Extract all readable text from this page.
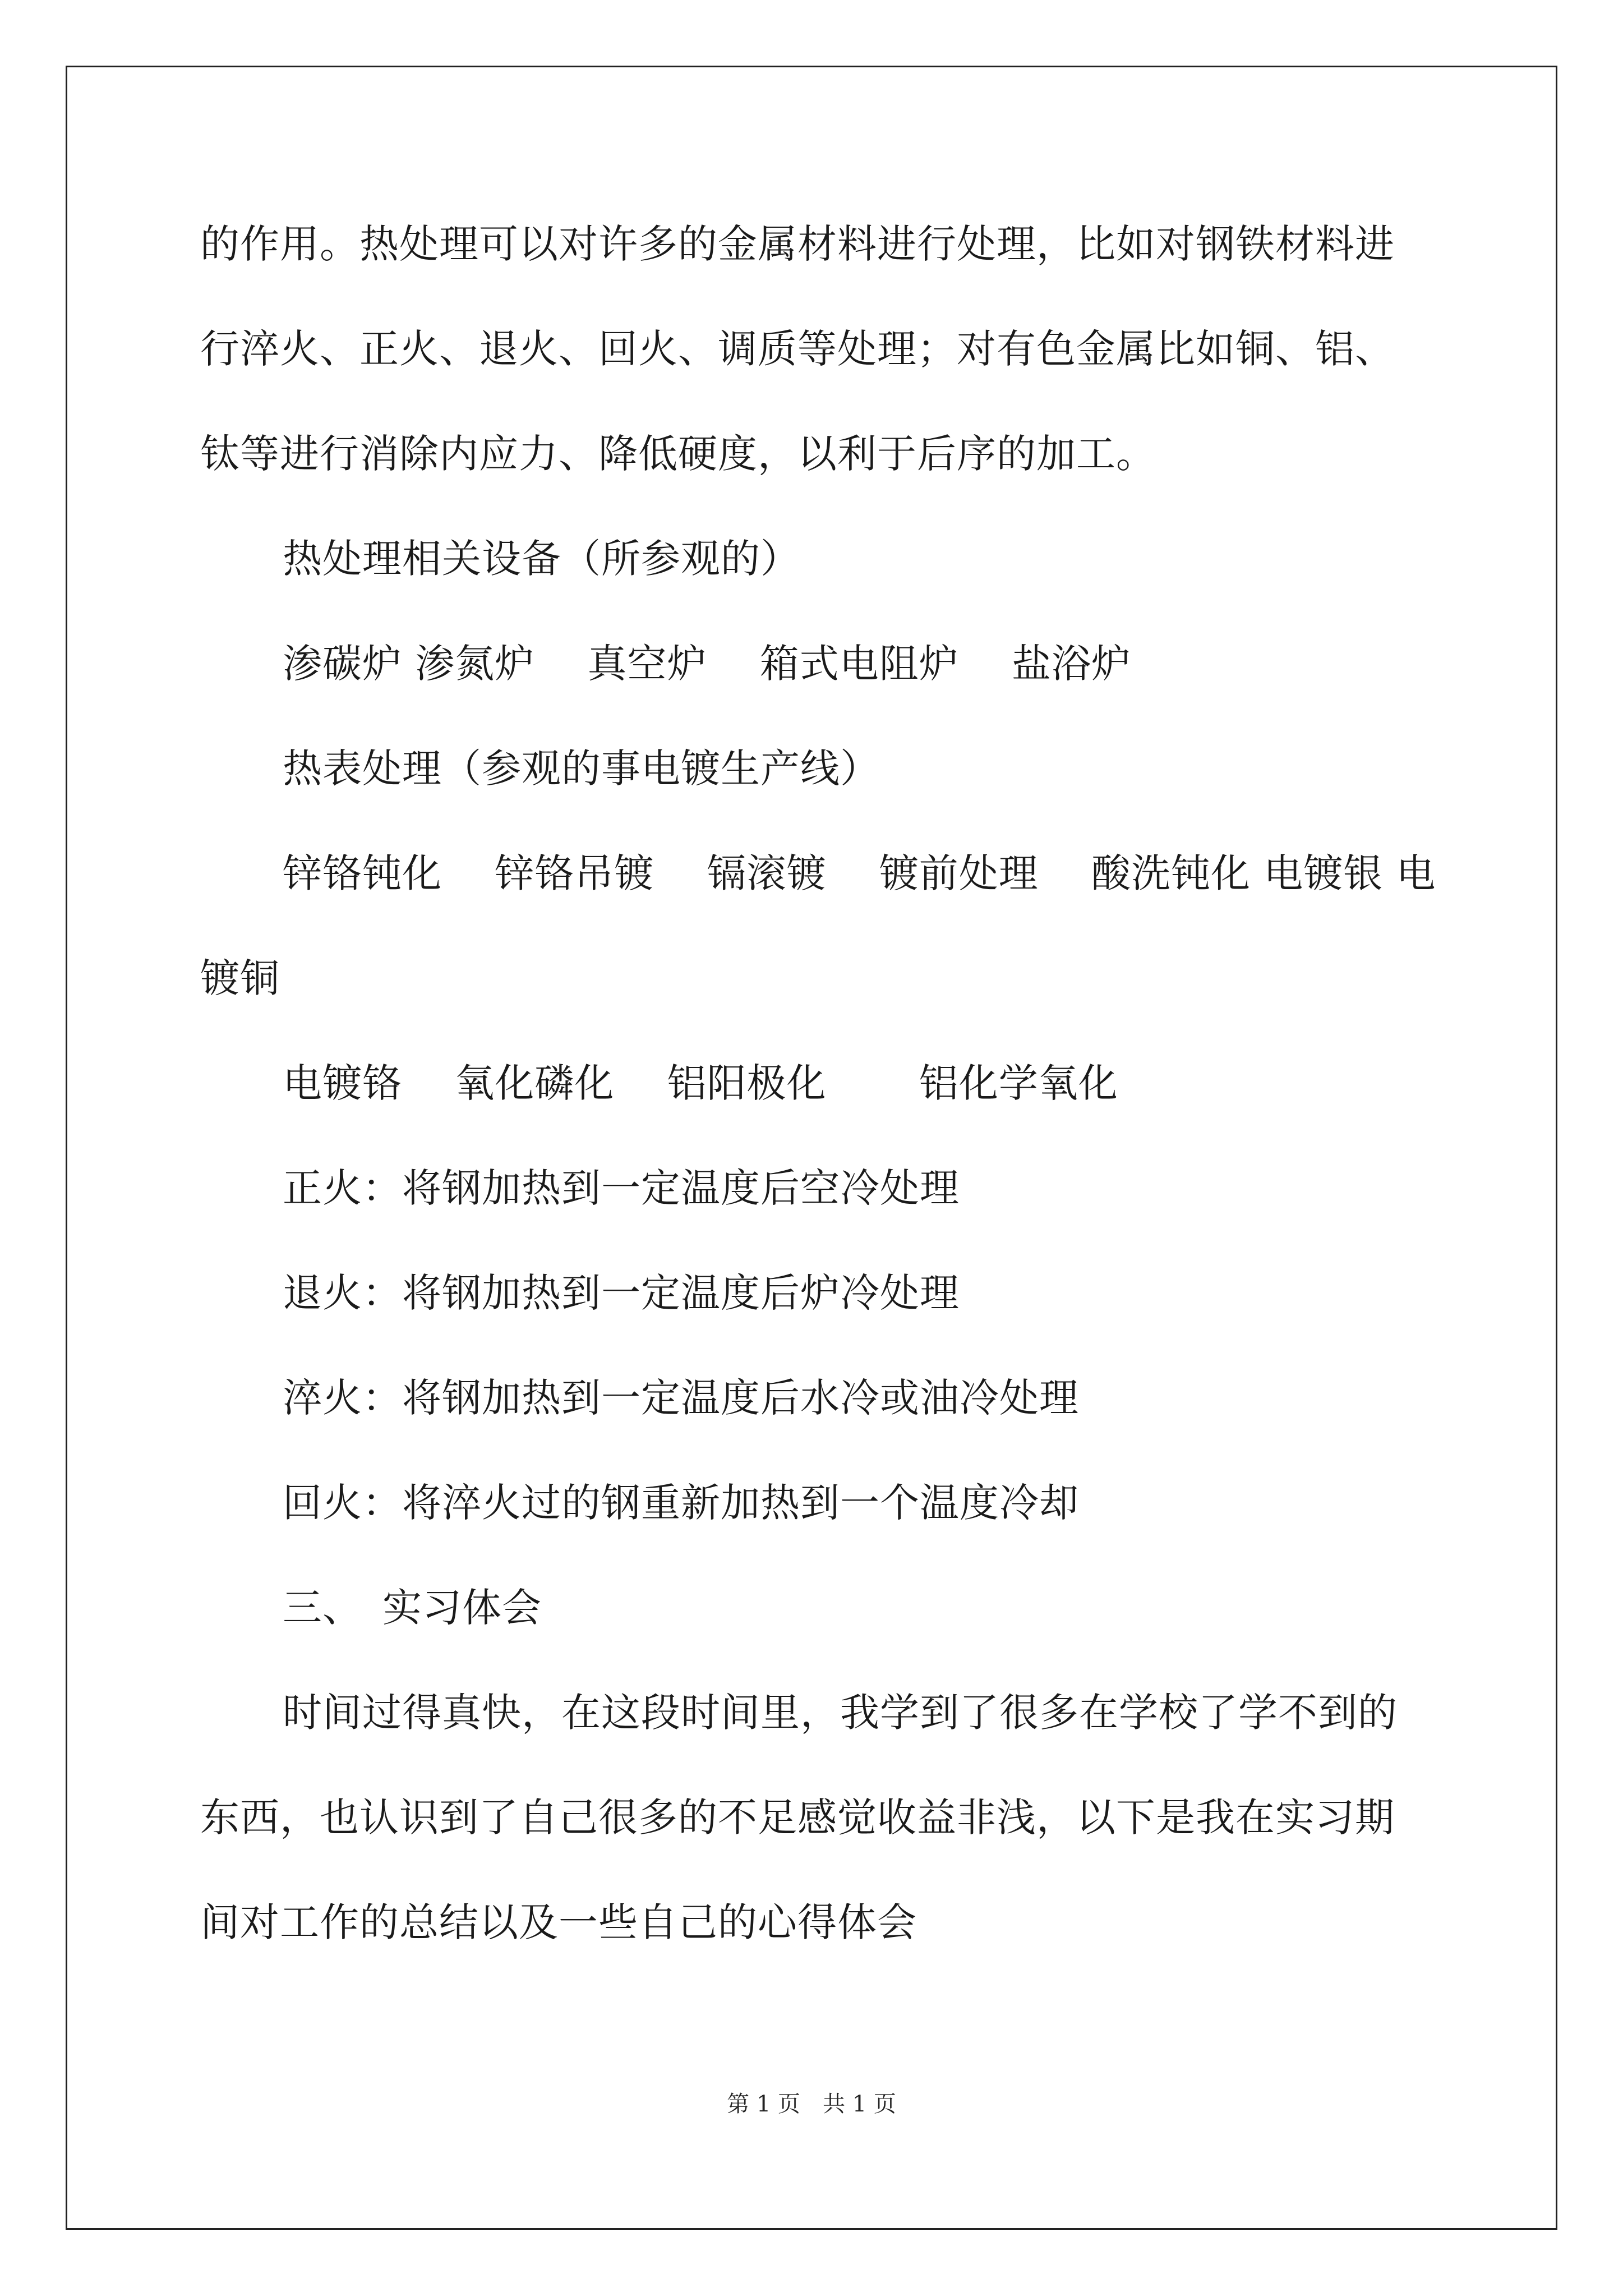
的作用。热处理可以对许多的金属材料进行处理，比如对钢铁材料进
行淬火、正火、退火、回火、调质等处理；对有色金属比如铜、铝、
钛等进行消除内应力、降低硬度，以利于后序的加工。
热处理相关设备（所参观的）
渗碳炉 渗氮炉　 真空炉　 箱式电阻炉　 盐浴炉
热表处理（参观的事电镀生产线）
锌铬钝化　 锌铬吊镀　 镉滚镀　 镀前处理　 酸洗钝化 电镀银 电
镀铜
电镀铬　 氧化磷化　 铝阳极化　　 铝化学氧化
正火：将钢加热到一定温度后空冷处理
退火：将钢加热到一定温度后炉冷处理
淬火：将钢加热到一定温度后水冷或油冷处理
回火：将淬火过的钢重新加热到一个温度冷却
三、　实习体会
时间过得真快，在这段时间里，我学到了很多在学校了学不到的
东西，也认识到了自己很多的不足感觉收益非浅，以下是我在实习期
间对工作的总结以及一些自己的心得体会
第 1 页　共 1 页
